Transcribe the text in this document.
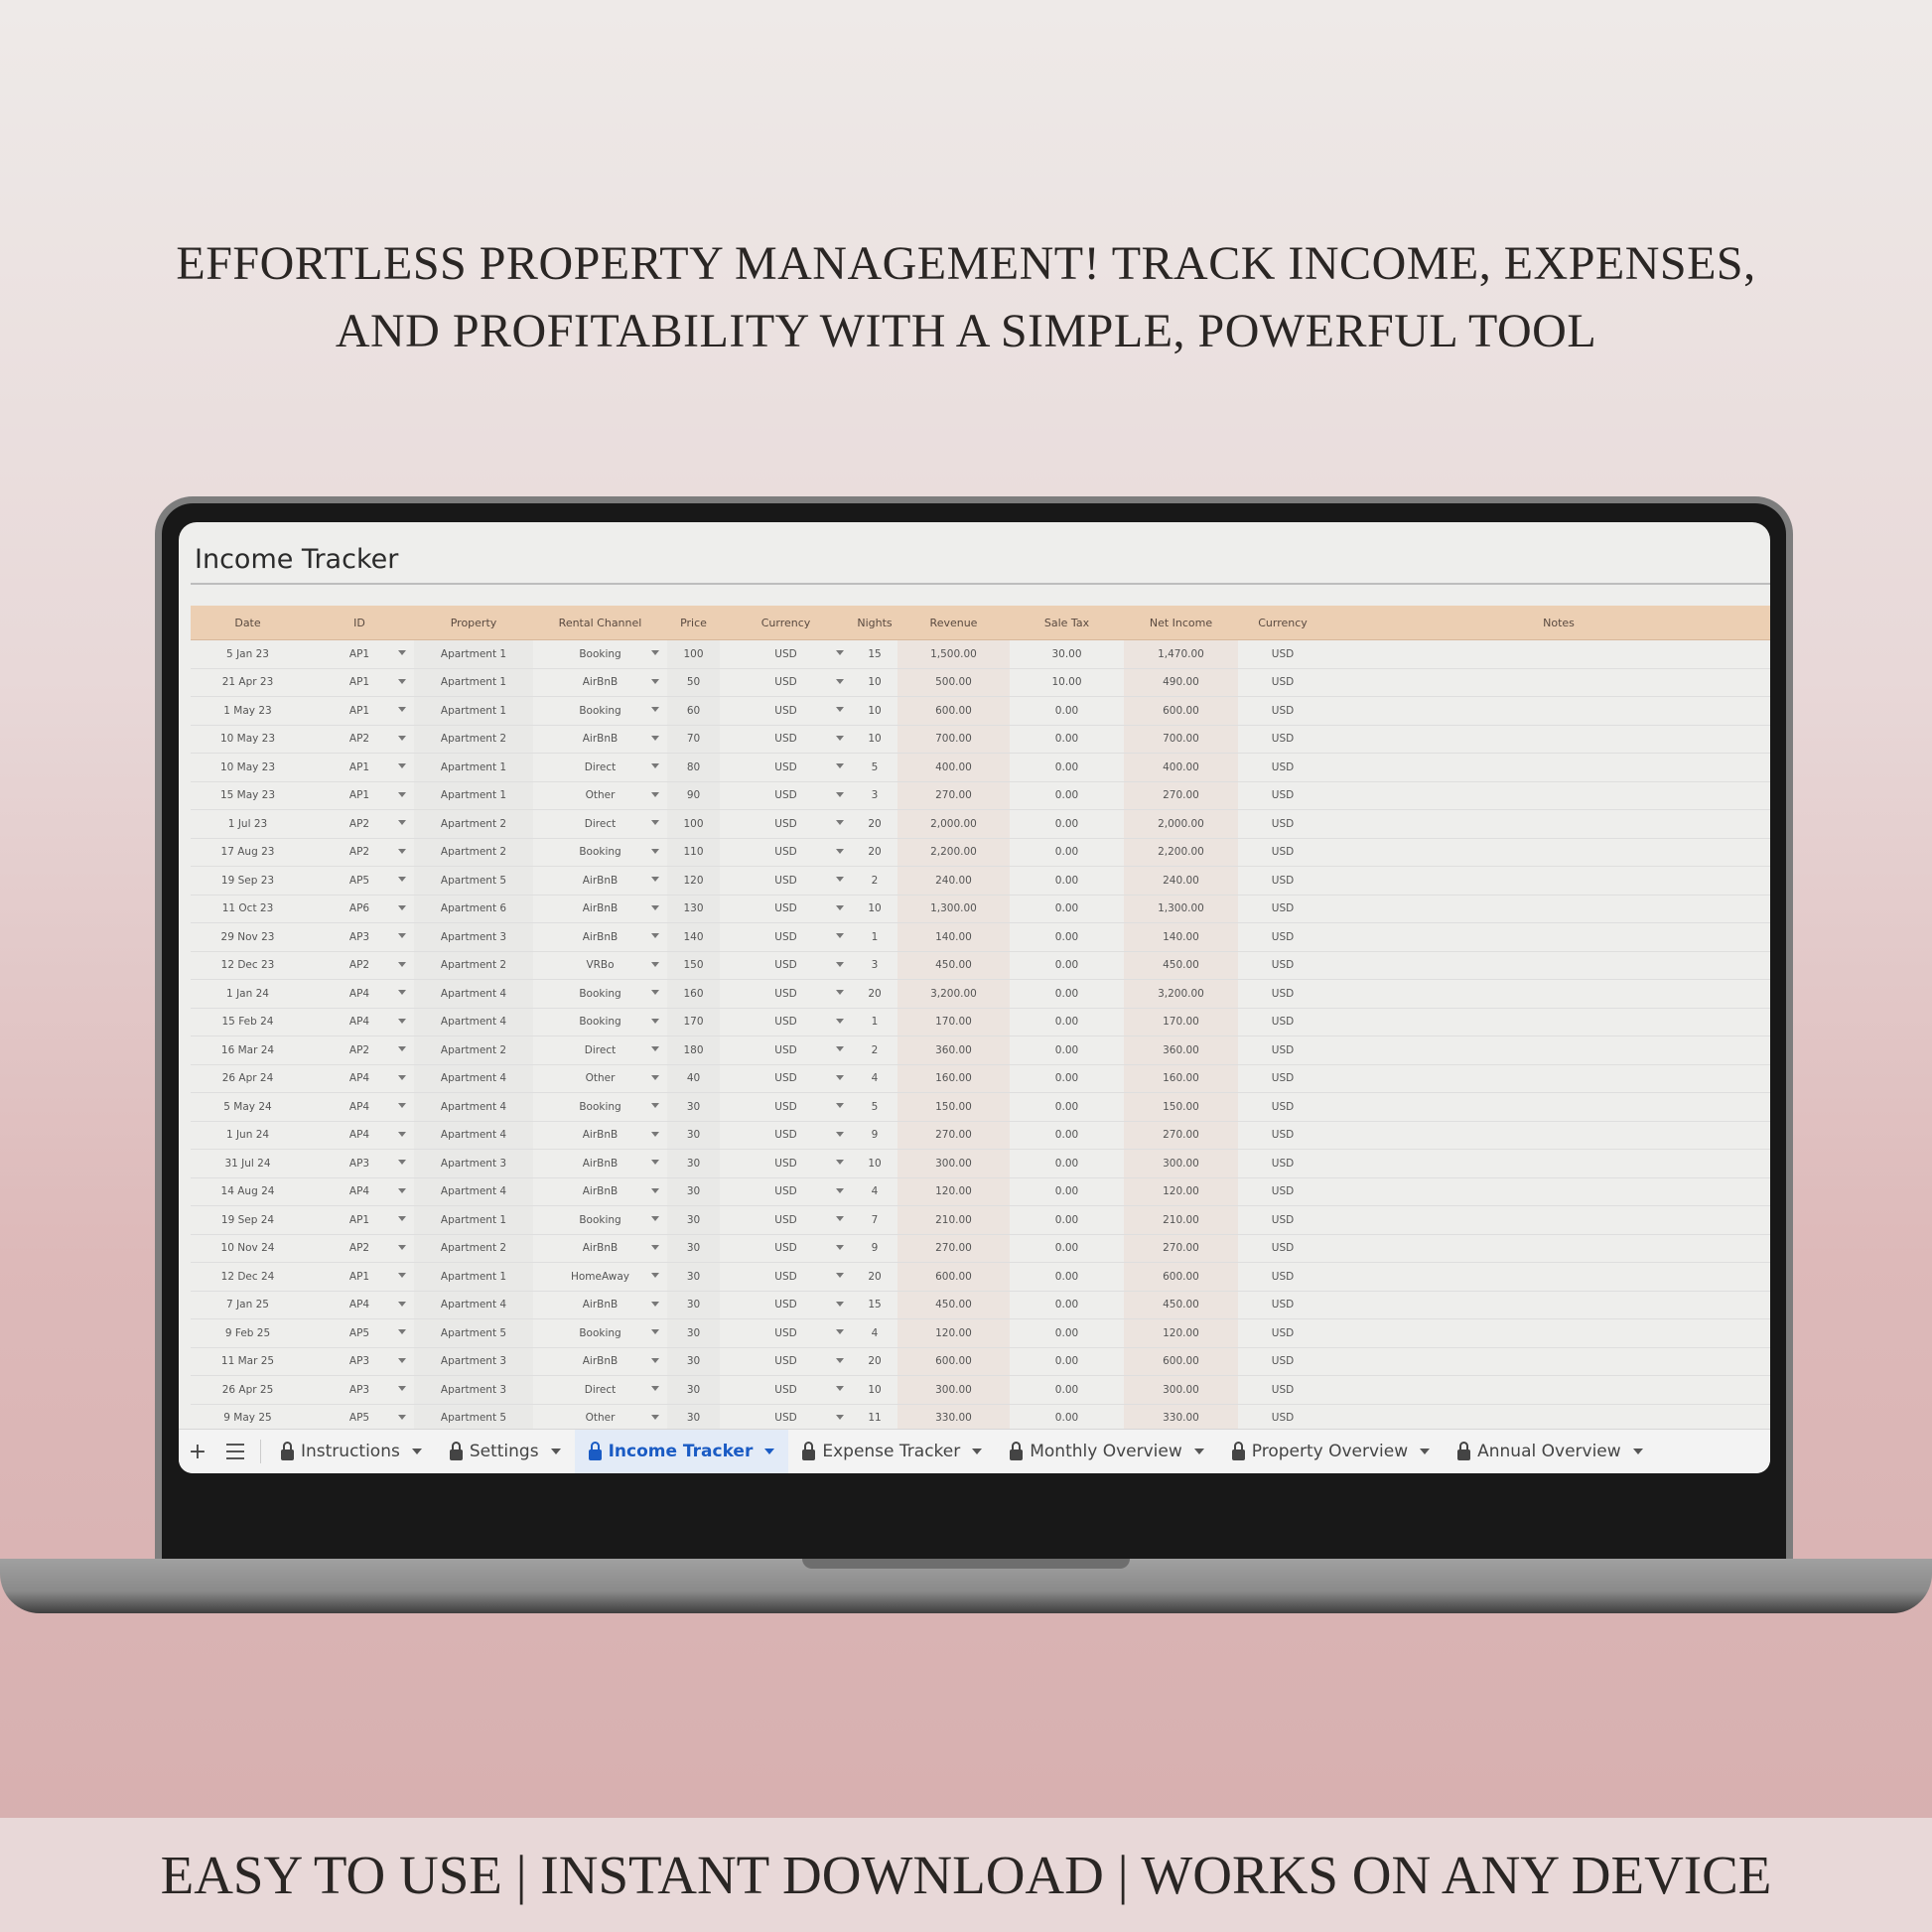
EFFORTLESS PROPERTY MANAGEMENT! TRACK INCOME, EXPENSES,
AND PROFITABILITY WITH A SIMPLE, POWERFUL TOOL
Income Tracker
Date	ID	Property	Rental Channel	Price	Currency	Nights	Revenue	Sale Tax	Net Income	Currency	Notes
5 Jan 23	AP1	Apartment 1	Booking	100	USD	15	1,500.00	30.00	1,470.00	USD	
21 Apr 23	AP1	Apartment 1	AirBnB	50	USD	10	500.00	10.00	490.00	USD	
1 May 23	AP1	Apartment 1	Booking	60	USD	10	600.00	0.00	600.00	USD	
10 May 23	AP2	Apartment 2	AirBnB	70	USD	10	700.00	0.00	700.00	USD	
10 May 23	AP1	Apartment 1	Direct	80	USD	5	400.00	0.00	400.00	USD	
15 May 23	AP1	Apartment 1	Other	90	USD	3	270.00	0.00	270.00	USD	
1 Jul 23	AP2	Apartment 2	Direct	100	USD	20	2,000.00	0.00	2,000.00	USD	
17 Aug 23	AP2	Apartment 2	Booking	110	USD	20	2,200.00	0.00	2,200.00	USD	
19 Sep 23	AP5	Apartment 5	AirBnB	120	USD	2	240.00	0.00	240.00	USD	
11 Oct 23	AP6	Apartment 6	AirBnB	130	USD	10	1,300.00	0.00	1,300.00	USD	
29 Nov 23	AP3	Apartment 3	AirBnB	140	USD	1	140.00	0.00	140.00	USD	
12 Dec 23	AP2	Apartment 2	VRBo	150	USD	3	450.00	0.00	450.00	USD	
1 Jan 24	AP4	Apartment 4	Booking	160	USD	20	3,200.00	0.00	3,200.00	USD	
15 Feb 24	AP4	Apartment 4	Booking	170	USD	1	170.00	0.00	170.00	USD	
16 Mar 24	AP2	Apartment 2	Direct	180	USD	2	360.00	0.00	360.00	USD	
26 Apr 24	AP4	Apartment 4	Other	40	USD	4	160.00	0.00	160.00	USD	
5 May 24	AP4	Apartment 4	Booking	30	USD	5	150.00	0.00	150.00	USD	
1 Jun 24	AP4	Apartment 4	AirBnB	30	USD	9	270.00	0.00	270.00	USD	
31 Jul 24	AP3	Apartment 3	AirBnB	30	USD	10	300.00	0.00	300.00	USD	
14 Aug 24	AP4	Apartment 4	AirBnB	30	USD	4	120.00	0.00	120.00	USD	
19 Sep 24	AP1	Apartment 1	Booking	30	USD	7	210.00	0.00	210.00	USD	
10 Nov 24	AP2	Apartment 2	AirBnB	30	USD	9	270.00	0.00	270.00	USD	
12 Dec 24	AP1	Apartment 1	HomeAway	30	USD	20	600.00	0.00	600.00	USD	
7 Jan 25	AP4	Apartment 4	AirBnB	30	USD	15	450.00	0.00	450.00	USD	
9 Feb 25	AP5	Apartment 5	Booking	30	USD	4	120.00	0.00	120.00	USD	
11 Mar 25	AP3	Apartment 3	AirBnB	30	USD	20	600.00	0.00	600.00	USD	
26 Apr 25	AP3	Apartment 3	Direct	30	USD	10	300.00	0.00	300.00	USD	
9 May 25	AP5	Apartment 5	Other	30	USD	11	330.00	0.00	330.00	USD	
+	Instructions	Settings	Income Tracker	Expense Tracker	Monthly Overview	Property Overview	Annual Overview
EASY TO USE | INSTANT DOWNLOAD | WORKS ON ANY DEVICE
